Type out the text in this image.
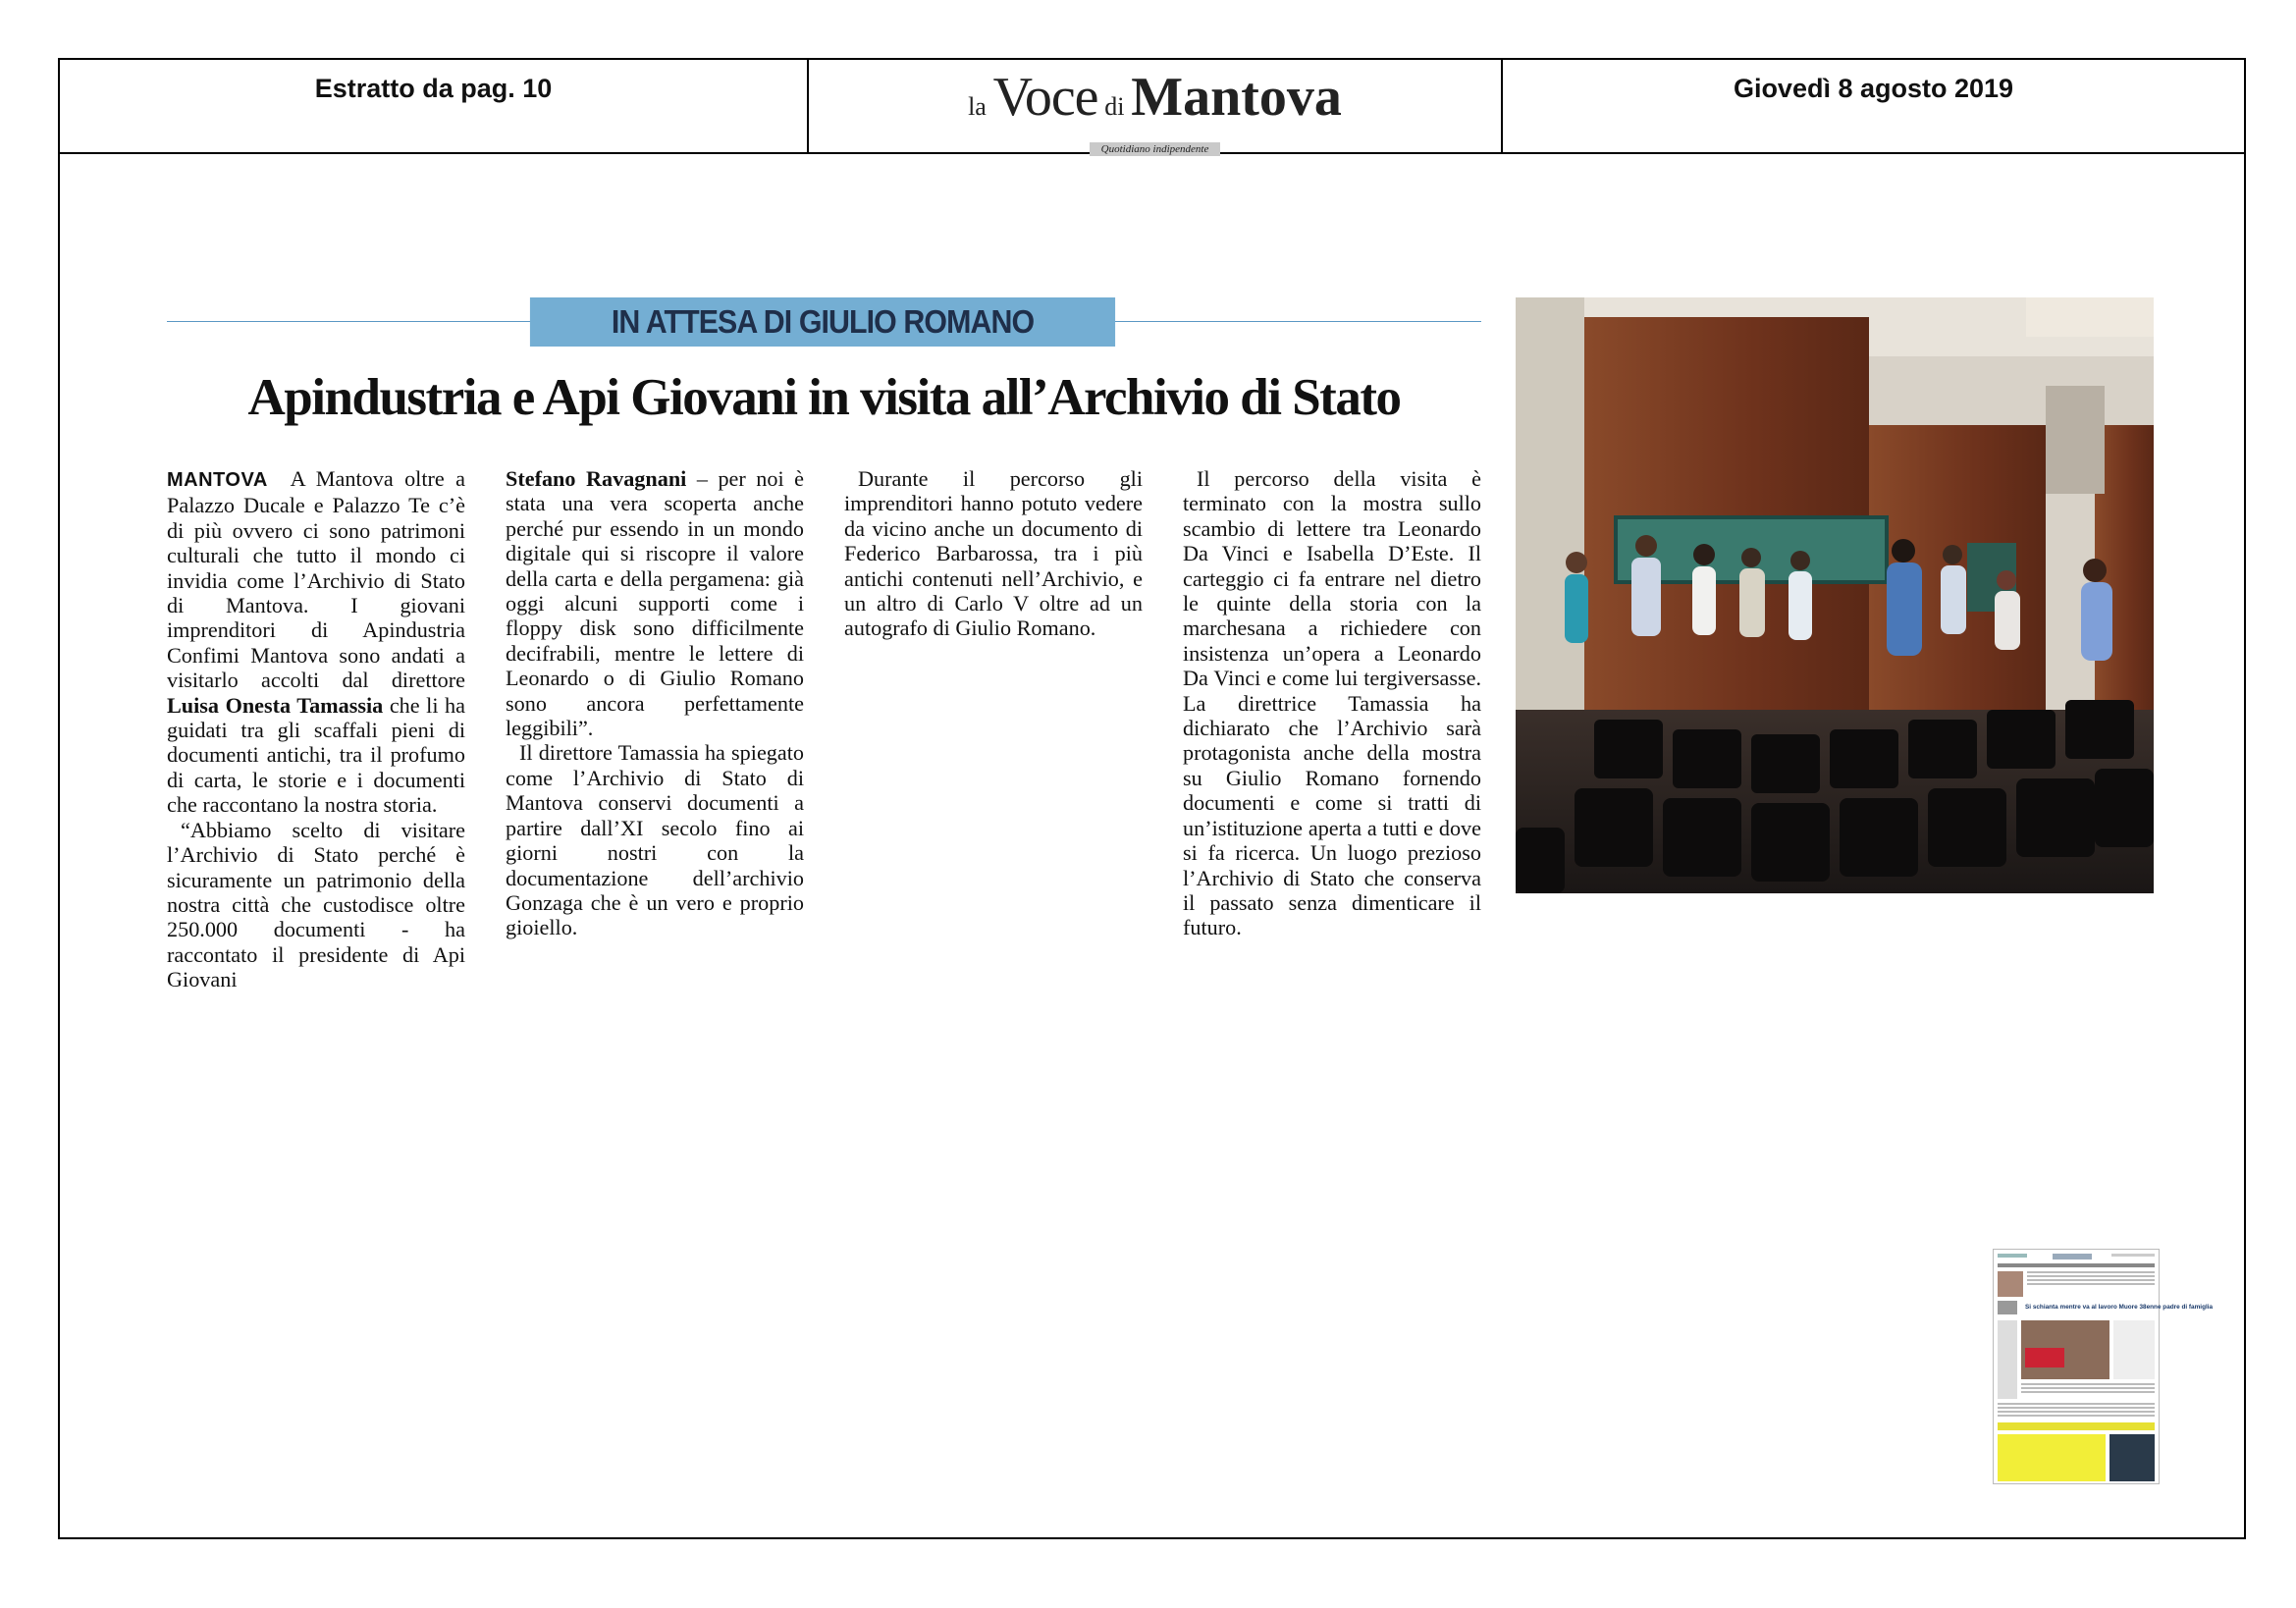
Estratto da pag. 10
la Voce di Mantova
Quotidiano indipendente
Giovedì 8 agosto 2019
IN ATTESA DI GIULIO ROMANO
Apindustria e Api Giovani in visita all’Archivio di Stato

MANTOVA A Mantova oltre a Palazzo Ducale e Palazzo Te c’è di più ovvero ci sono patrimoni culturali che tutto il mondo ci invidia come l’Archivio di Stato di Mantova. I giovani imprenditori di Apindustria Confimi Mantova sono andati a visitarlo accolti dal direttore Luisa Onesta Tamassia che li ha guidati tra gli scaffali pieni di documenti antichi, tra il profumo di carta, le storie e i documenti che raccontano la nostra storia.

“Abbiamo scelto di visitare l’Archivio di Stato perché è sicuramente un patrimonio della nostra città che custodisce oltre 250.000 documenti - ha raccontato il presidente di Api Giovani

Stefano Ravagnani – per noi è stata una vera scoperta anche perché pur essendo in un mondo digitale qui si riscopre il valore della carta e della pergamena: già oggi alcuni supporti come i floppy disk sono difficilmente decifrabili, mentre le lettere di Leonardo o di Giulio Romano sono ancora perfettamente leggibili”.

Il direttore Tamassia ha spiegato come l’Archivio di Stato di Mantova conservi documenti a partire dall’XI secolo fino ai giorni nostri con la documentazione dell’archivio Gonzaga che è un vero e proprio gioiello.

Durante il percorso gli imprenditori hanno potuto vedere da vicino anche un documento di Federico Barbarossa, tra i più antichi contenuti nell’Archivio, e un altro di Carlo V oltre ad un autografo di Giulio Romano.

Il percorso della visita è terminato con la mostra sullo scambio di lettere tra Leonardo Da Vinci e Isabella D’Este. Il carteggio ci fa entrare nel dietro le quinte della storia con la marchesana a richiedere con insistenza un’opera a Leonardo Da Vinci e come lui tergiversasse. La direttrice Tamassia ha dichiarato che l’Archivio sarà protagonista anche della mostra su Giulio Romano fornendo documenti e come si tratti di un’istituzione aperta a tutti e dove si fa ricerca. Un luogo prezioso l’Archivio di Stato che conserva il passato senza dimenticare il futuro.

Si schianta mentre va al lavoro Muore 38enne padre di famiglia
